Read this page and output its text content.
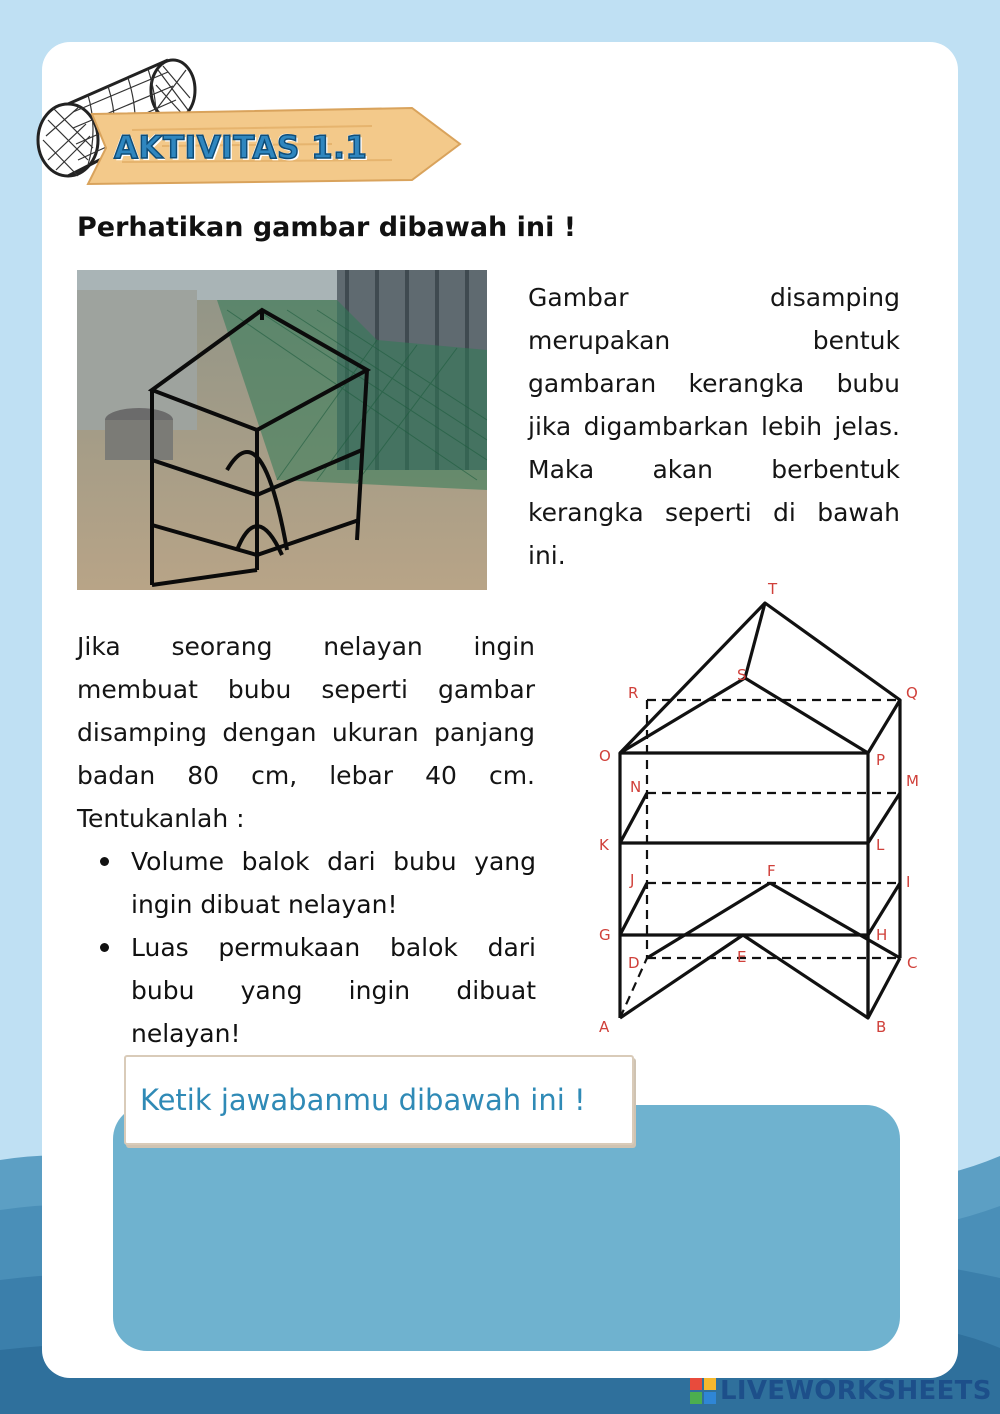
AKTIVITAS 1.1
Perhatikan gambar dibawah ini !
Gambar disamping merupakan bentuk gambaran kerangka bubu jika digambarkan lebih jelas. Maka akan berbentuk kerangka seperti di bawah ini.
Jika seorang nelayan ingin membuat bubu seperti gambar disamping dengan ukuran panjang badan 80 cm, lebar 40 cm. Tentukanlah :
Volume balok dari bubu yang ingin dibuat nelayan!
Luas permukaan balok dari bubu yang ingin dibuat nelayan!
T
S
R	Q
O	P
N	M
K	L
J	F
I
G	H
D	E	C
A	B
Ketik jawabanmu dibawah ini !
LIVEWORKSHEETS
